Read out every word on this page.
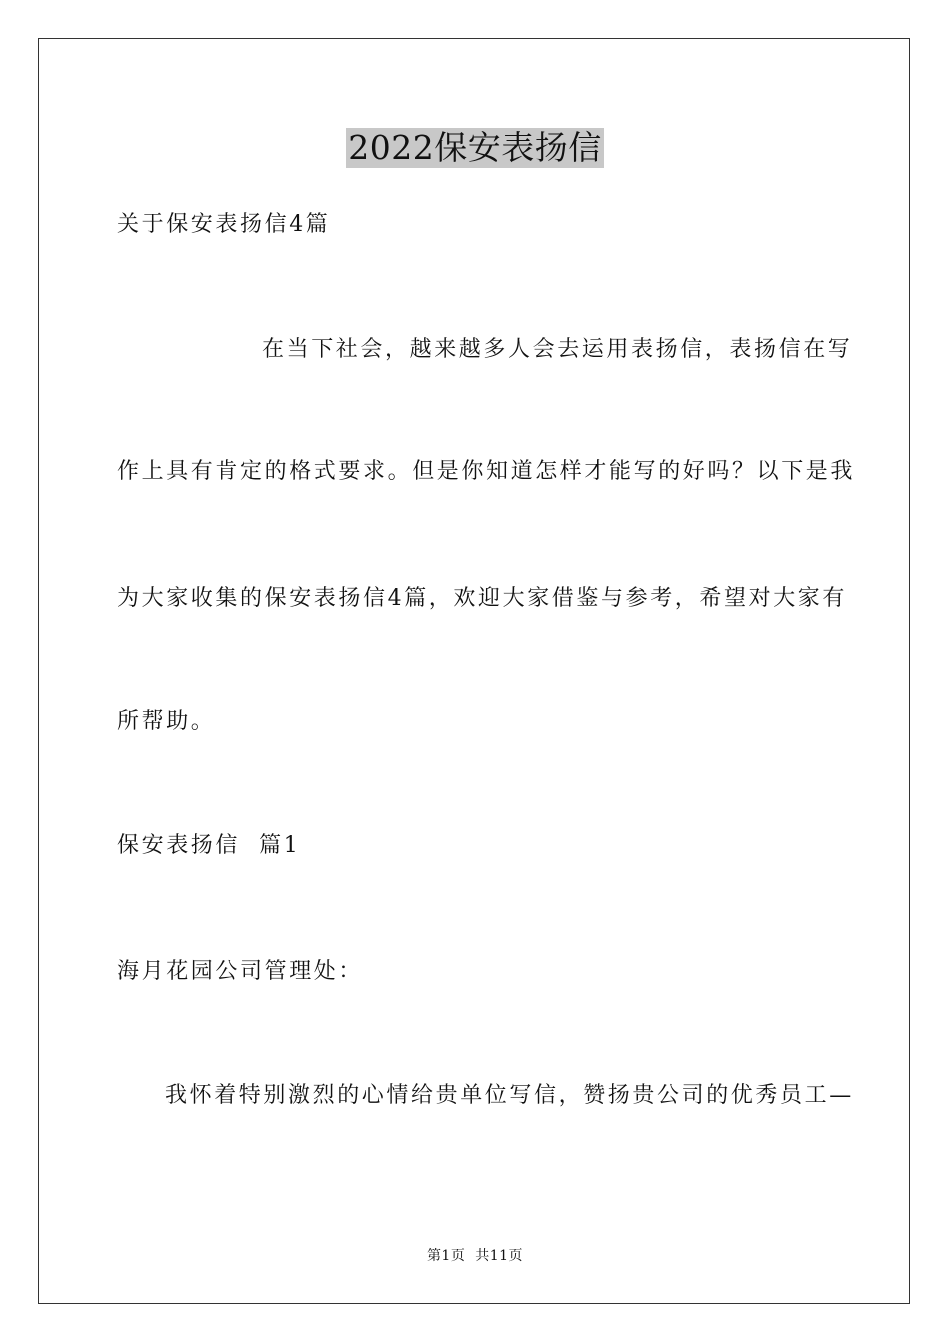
2022保安表扬信
关于保安表扬信4篇
在当下社会，越来越多人会去运用表扬信，表扬信在写
作上具有肯定的格式要求。但是你知道怎样才能写的好吗？以下是我
为大家收集的保安表扬信4篇，欢迎大家借鉴与参考，希望对大家有
所帮助。
保安表扬信  篇1
海月花园公司管理处：
我怀着特别激烈的心情给贵单位写信，赞扬贵公司的优秀员工—
第1页  共11页
